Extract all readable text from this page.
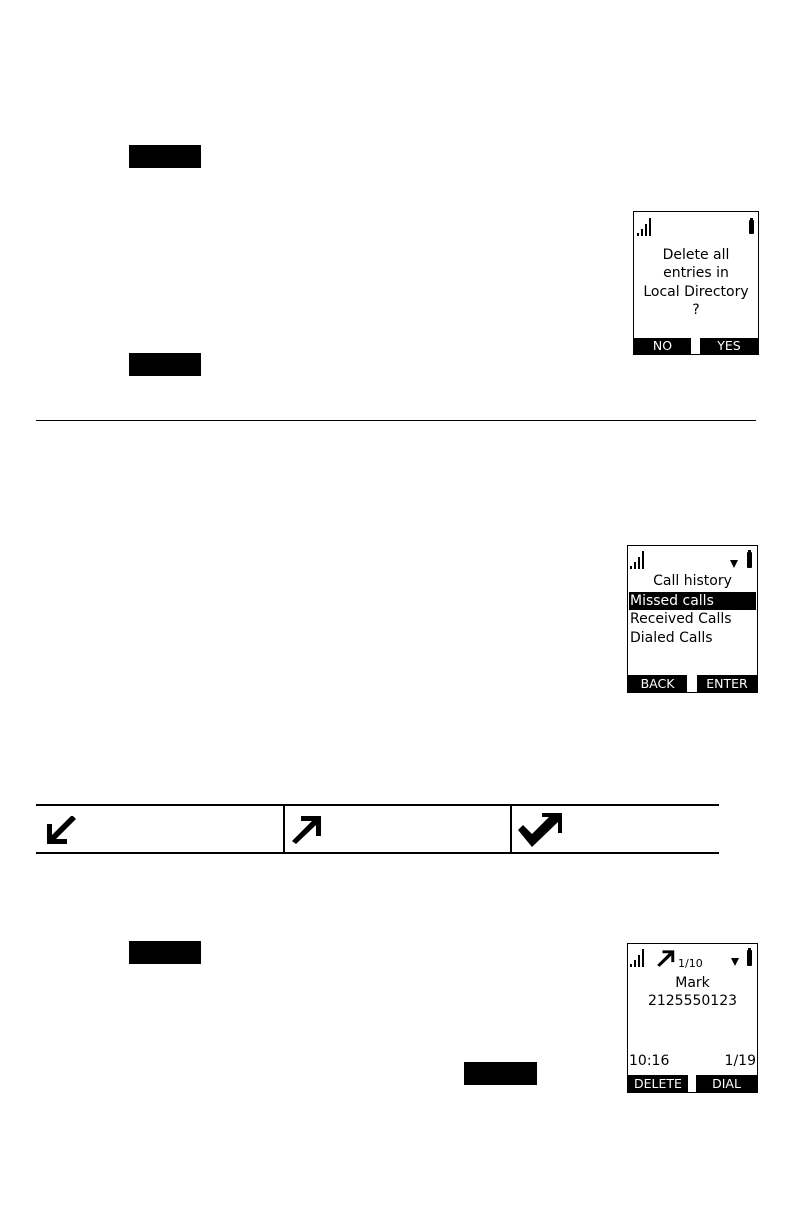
Delete all
entries in
Local Directory
?
NO	YES
Call history
Missed calls
Received Calls
Dialed Calls
BACK	ENTER
1/10
Mark
2125550123
10:16	1/19
DELETE	DIAL
